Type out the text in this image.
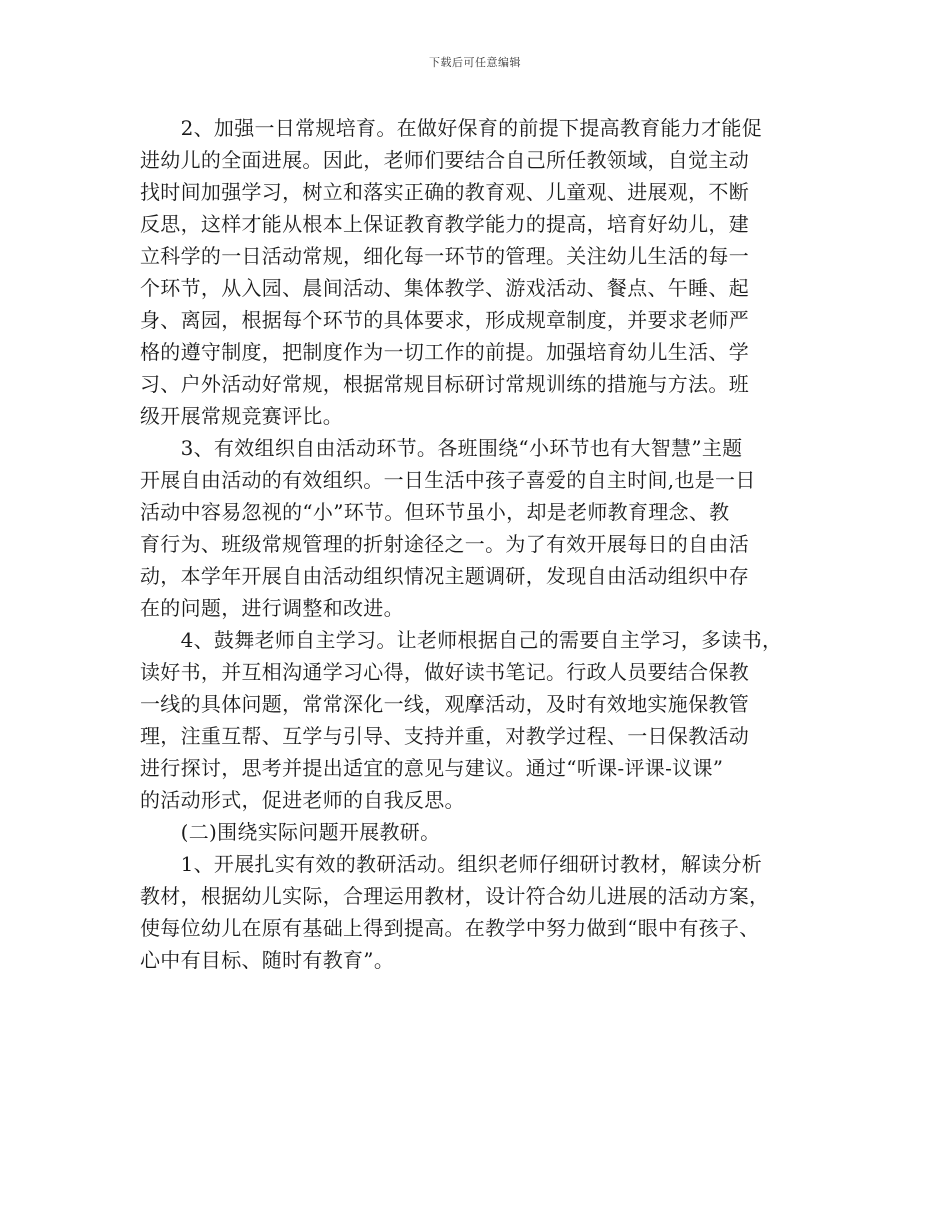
下载后可任意编辑
　　2、加强一日常规培育。在做好保育的前提下提高教育能力才能促
进幼儿的全面进展。因此，老师们要结合自己所任教领域，自觉主动
找时间加强学习，树立和落实正确的教育观、儿童观、进展观，不断
反思，这样才能从根本上保证教育教学能力的提高，培育好幼儿，建
立科学的一日活动常规，细化每一环节的管理。关注幼儿生活的每一
个环节，从入园、晨间活动、集体教学、游戏活动、餐点、午睡、起
身、离园，根据每个环节的具体要求，形成规章制度，并要求老师严
格的遵守制度，把制度作为一切工作的前提。加强培育幼儿生活、学
习、户外活动好常规，根据常规目标研讨常规训练的措施与方法。班
级开展常规竞赛评比。
　　3、有效组织自由活动环节。各班围绕“小环节也有大智慧”主题
开展自由活动的有效组织。一日生活中孩子喜爱的自主时间,也是一日
活动中容易忽视的“小”环节。但环节虽小，却是老师教育理念、教
育行为、班级常规管理的折射途径之一。为了有效开展每日的自由活
动，本学年开展自由活动组织情况主题调研，发现自由活动组织中存
在的问题，进行调整和改进。
　　4、鼓舞老师自主学习。让老师根据自己的需要自主学习，多读书，
读好书，并互相沟通学习心得，做好读书笔记。行政人员要结合保教
一线的具体问题，常常深化一线，观摩活动，及时有效地实施保教管
理，注重互帮、互学与引导、支持并重，对教学过程、一日保教活动
进行探讨，思考并提出适宜的意见与建议。通过“听课-评课-议课”
的活动形式，促进老师的自我反思。
　　(二)围绕实际问题开展教研。
　　1、开展扎实有效的教研活动。组织老师仔细研讨教材，解读分析
教材，根据幼儿实际，合理运用教材，设计符合幼儿进展的活动方案，
使每位幼儿在原有基础上得到提高。在教学中努力做到“眼中有孩子、
心中有目标、随时有教育”。
